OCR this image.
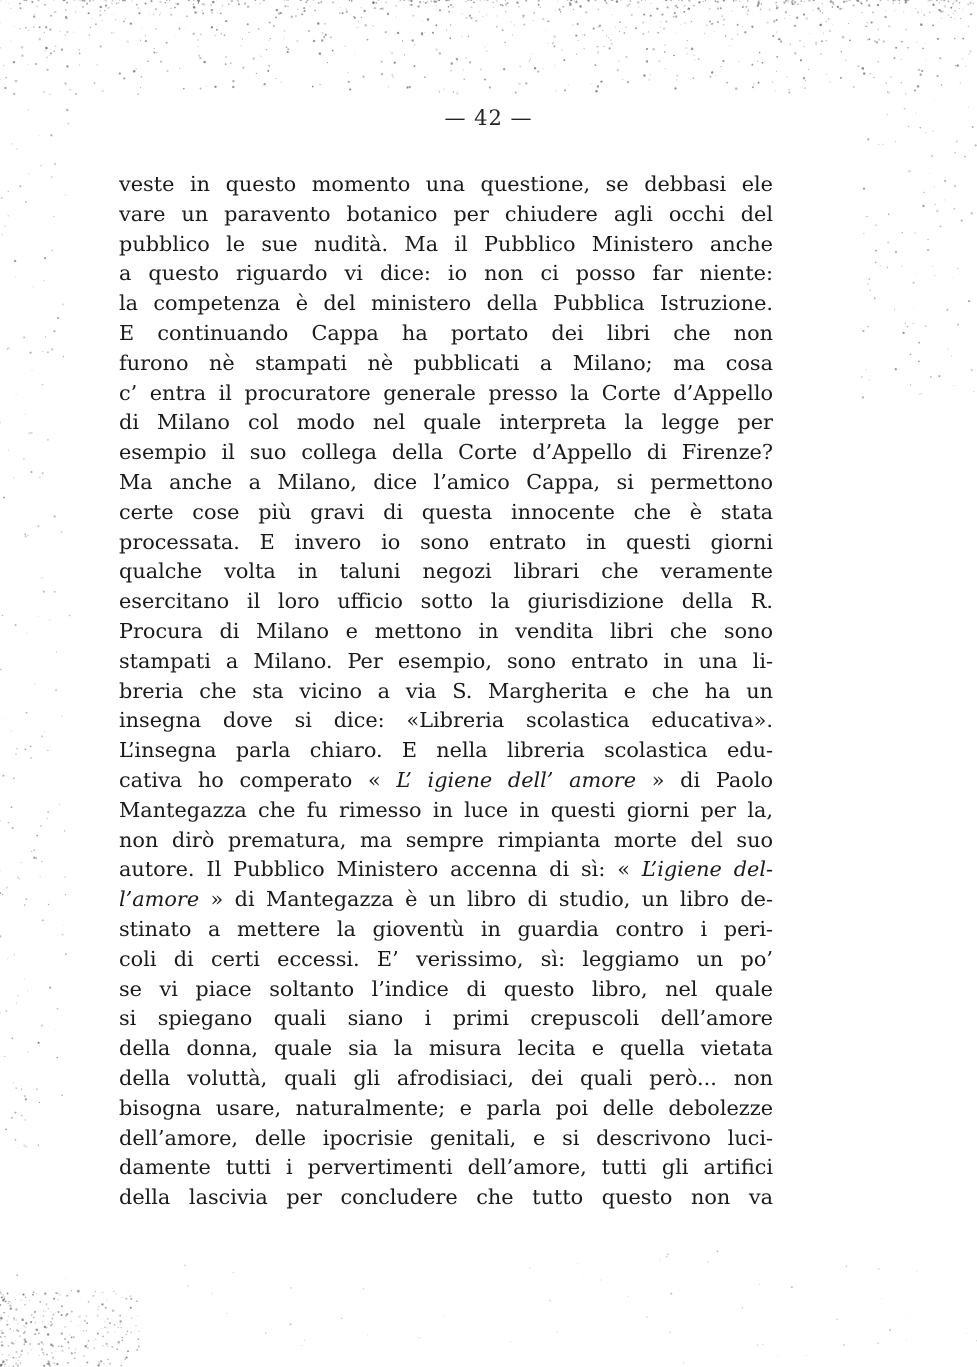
— 42 —
veste in questo momento una questione, se debbasi ele
vare un paravento botanico per chiudere agli occhi del
pubblico le sue nudità. Ma il Pubblico Ministero anche
a questo riguardo vi dice: io non ci posso far niente:
la competenza è del ministero della Pubblica Istruzione.
E continuando Cappa ha portato dei libri che non
furono nè stampati nè pubblicati a Milano; ma cosa
c’ entra il procuratore generale presso la Corte d’Appello
di Milano col modo nel quale interpreta la legge per
esempio il suo collega della Corte d’Appello di Firenze?
Ma anche a Milano, dice l’amico Cappa, si permettono
certe cose più gravi di questa innocente che è stata
processata. E invero io sono entrato in questi giorni
qualche volta in taluni negozi librari che veramente
esercitano il loro ufficio sotto la giurisdizione della R.
Procura di Milano e mettono in vendita libri che sono
stampati a Milano. Per esempio, sono entrato in una li-
breria che sta vicino a via S. Margherita e che ha un
insegna dove si dice: «Libreria scolastica educativa».
L’insegna parla chiaro. E nella libreria scolastica edu-
cativa ho comperato « L’ igiene dell’ amore » di Paolo
Mantegazza che fu rimesso in luce in questi giorni per la,
non dirò prematura, ma sempre rimpianta morte del suo
autore. Il Pubblico Ministero accenna di sì: « L’igiene del-
l’amore » di Mantegazza è un libro di studio, un libro de-
stinato a mettere la gioventù in guardia contro i peri-
coli di certi eccessi. E’ verissimo, sì: leggiamo un po’
se vi piace soltanto l’indice di questo libro, nel quale
si spiegano quali siano i primi crepuscoli dell’amore
della donna, quale sia la misura lecita e quella vietata
della voluttà, quali gli afrodisiaci, dei quali però... non
bisogna usare, naturalmente; e parla poi delle debolezze
dell’amore, delle ipocrisie genitali, e si descrivono luci-
damente tutti i pervertimenti dell’amore, tutti gli artifici
della lascivia per concludere che tutto questo non va
